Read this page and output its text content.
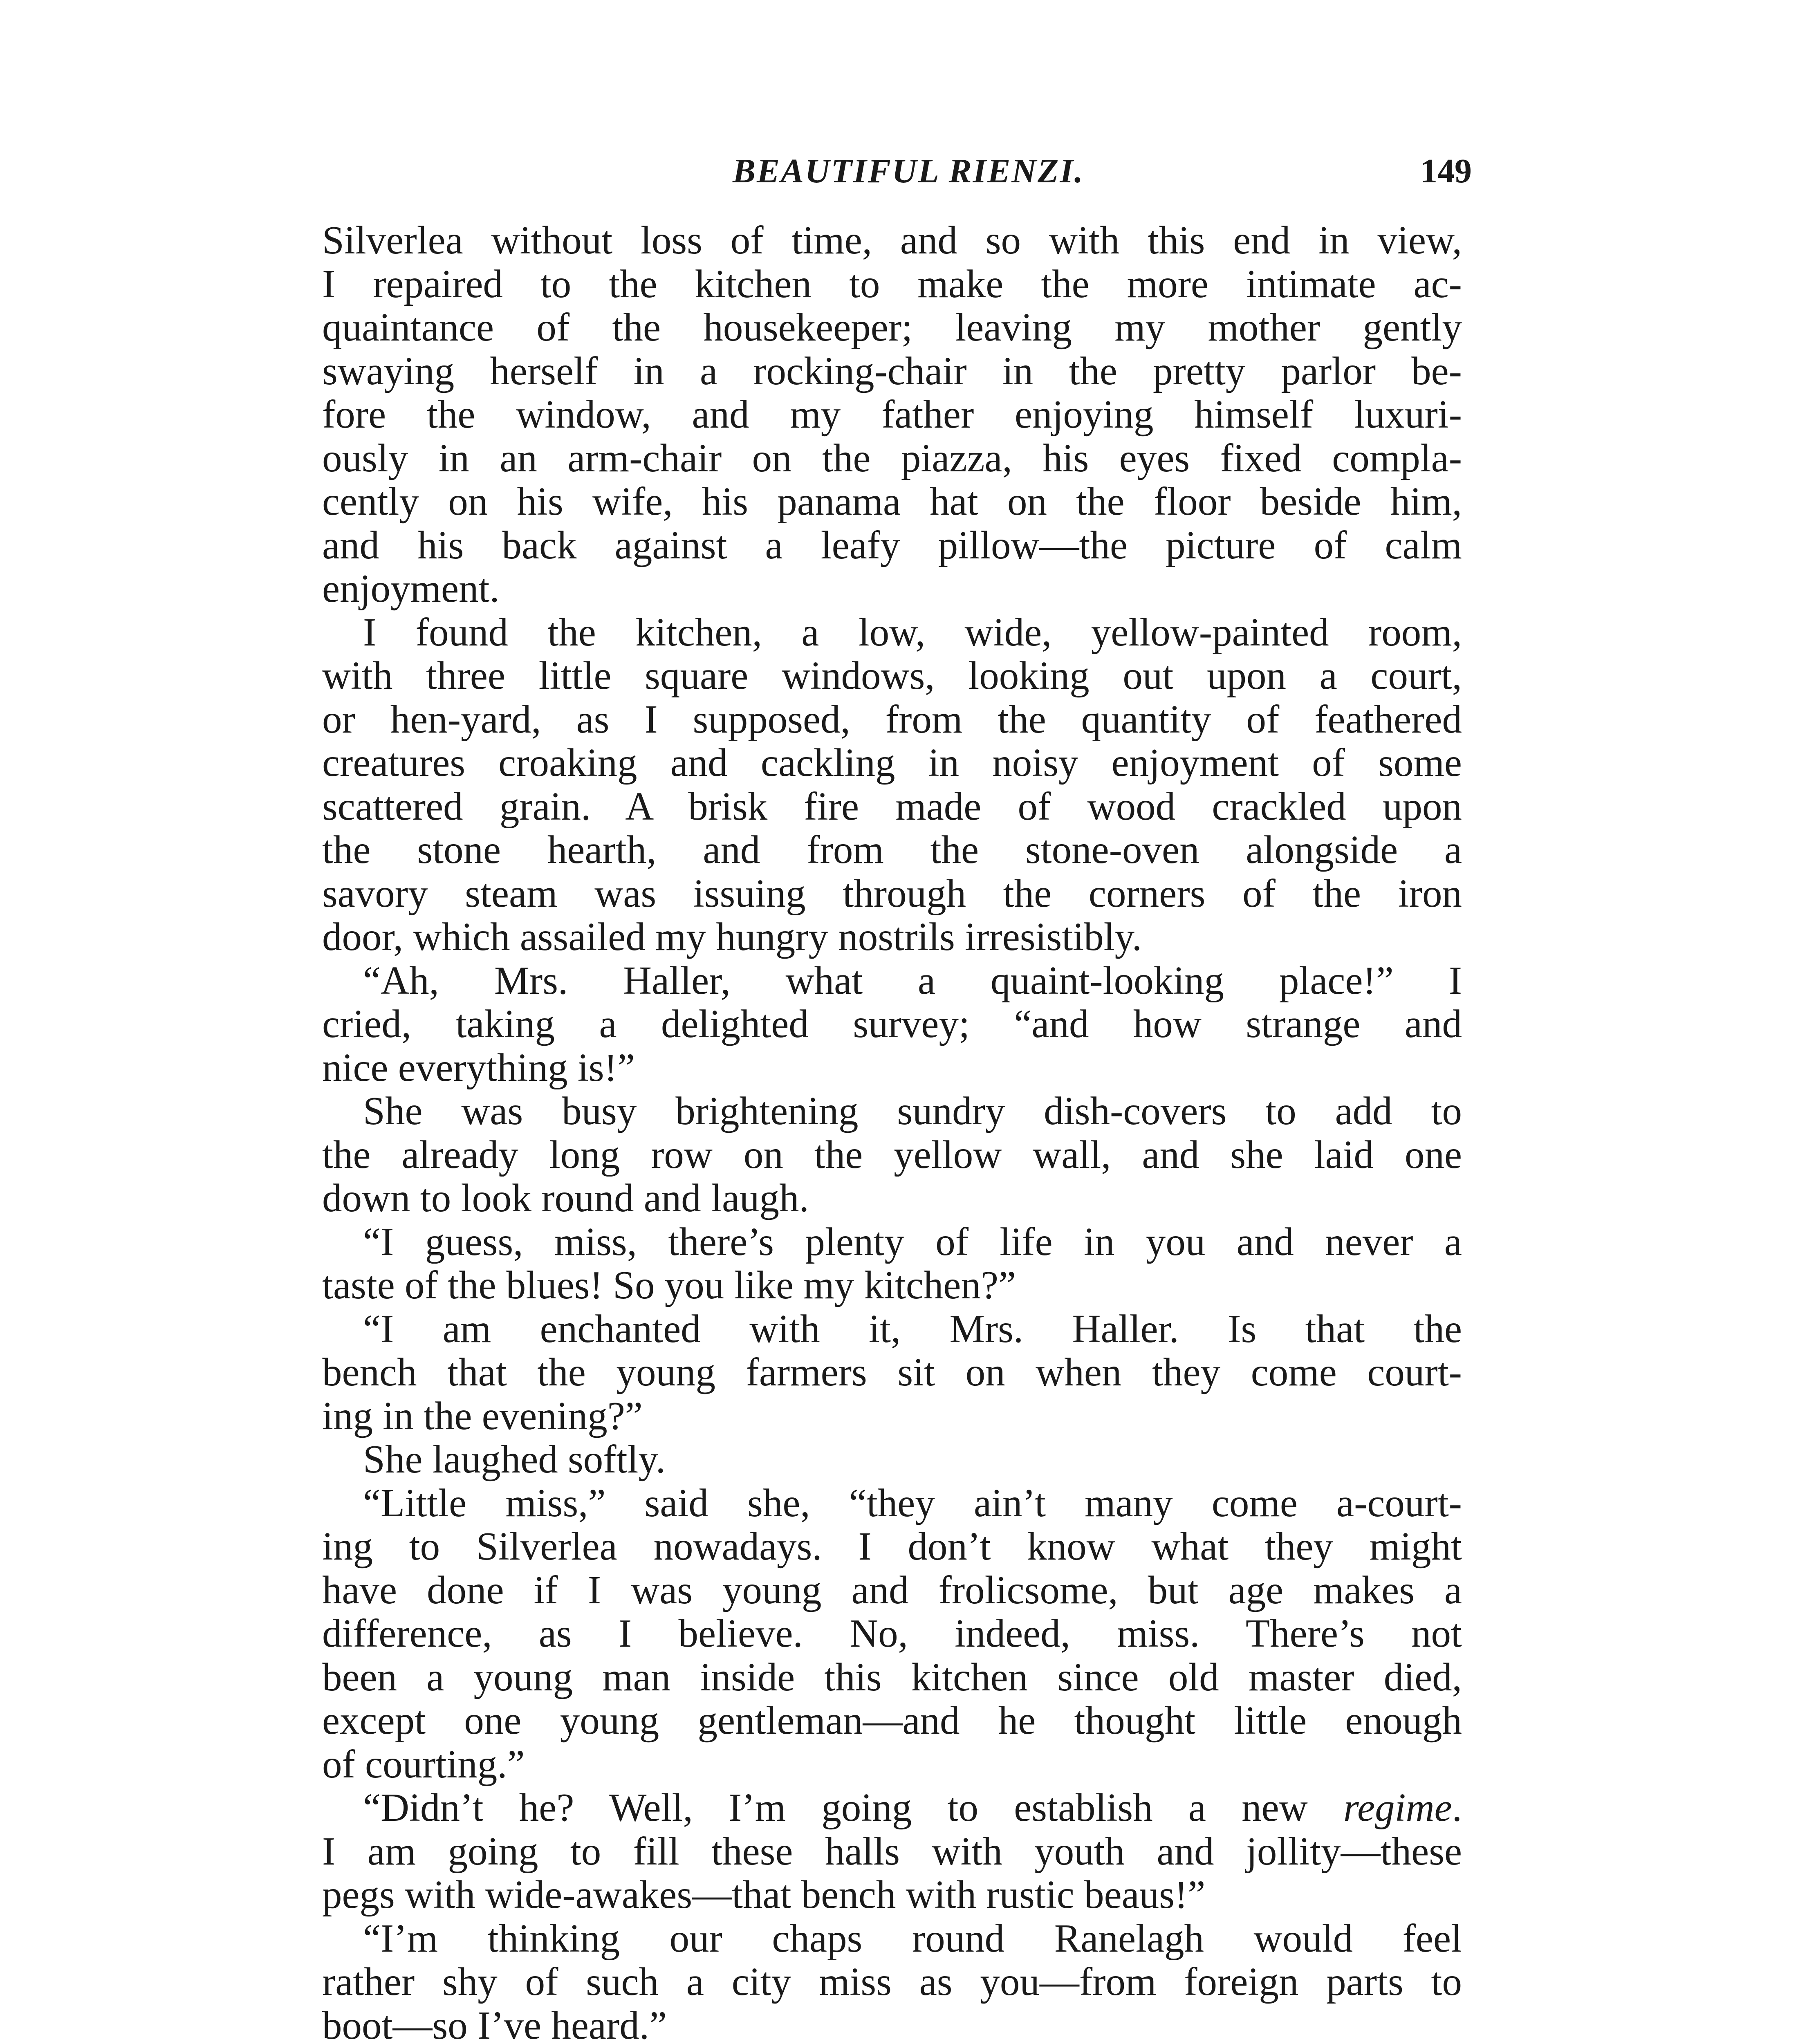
BEAUTIFUL RIENZI.	149
Silverlea without loss of time, and so with this end in view,
I repaired to the kitchen to make the more intimate ac-
quaintance of the housekeeper; leaving my mother gently
swaying herself in a rocking-chair in the pretty parlor be-
fore the window, and my father enjoying himself luxuri-
ously in an arm-chair on the piazza, his eyes fixed compla-
cently on his wife, his panama hat on the floor beside him,
and his back against a leafy pillow—the picture of calm
enjoyment.
I found the kitchen, a low, wide, yellow-painted room,
with three little square windows, looking out upon a court,
or hen-yard, as I supposed, from the quantity of feathered
creatures croaking and cackling in noisy enjoyment of some
scattered grain. A brisk fire made of wood crackled upon
the stone hearth, and from the stone-oven alongside a
savory steam was issuing through the corners of the iron
door, which assailed my hungry nostrils irresistibly.
“Ah, Mrs. Haller, what a quaint-looking place!” I
cried, taking a delighted survey; “and how strange and
nice everything is!”
She was busy brightening sundry dish-covers to add to
the already long row on the yellow wall, and she laid one
down to look round and laugh.
“I guess, miss, there’s plenty of life in you and never a
taste of the blues! So you like my kitchen?”
“I am enchanted with it, Mrs. Haller. Is that the
bench that the young farmers sit on when they come court-
ing in the evening?”
She laughed softly.
“Little miss,” said she, “they ain’t many come a-court-
ing to Silverlea nowadays. I don’t know what they might
have done if I was young and frolicsome, but age makes a
difference, as I believe. No, indeed, miss. There’s not
been a young man inside this kitchen since old master died,
except one young gentleman—and he thought little enough
of courting.”
“Didn’t he? Well, I’m going to establish a new regime.
I am going to fill these halls with youth and jollity—these
pegs with wide-awakes—that bench with rustic beaus!”
“I’m thinking our chaps round Ranelagh would feel
rather shy of such a city miss as you—from foreign parts to
boot—so I’ve heard.”
